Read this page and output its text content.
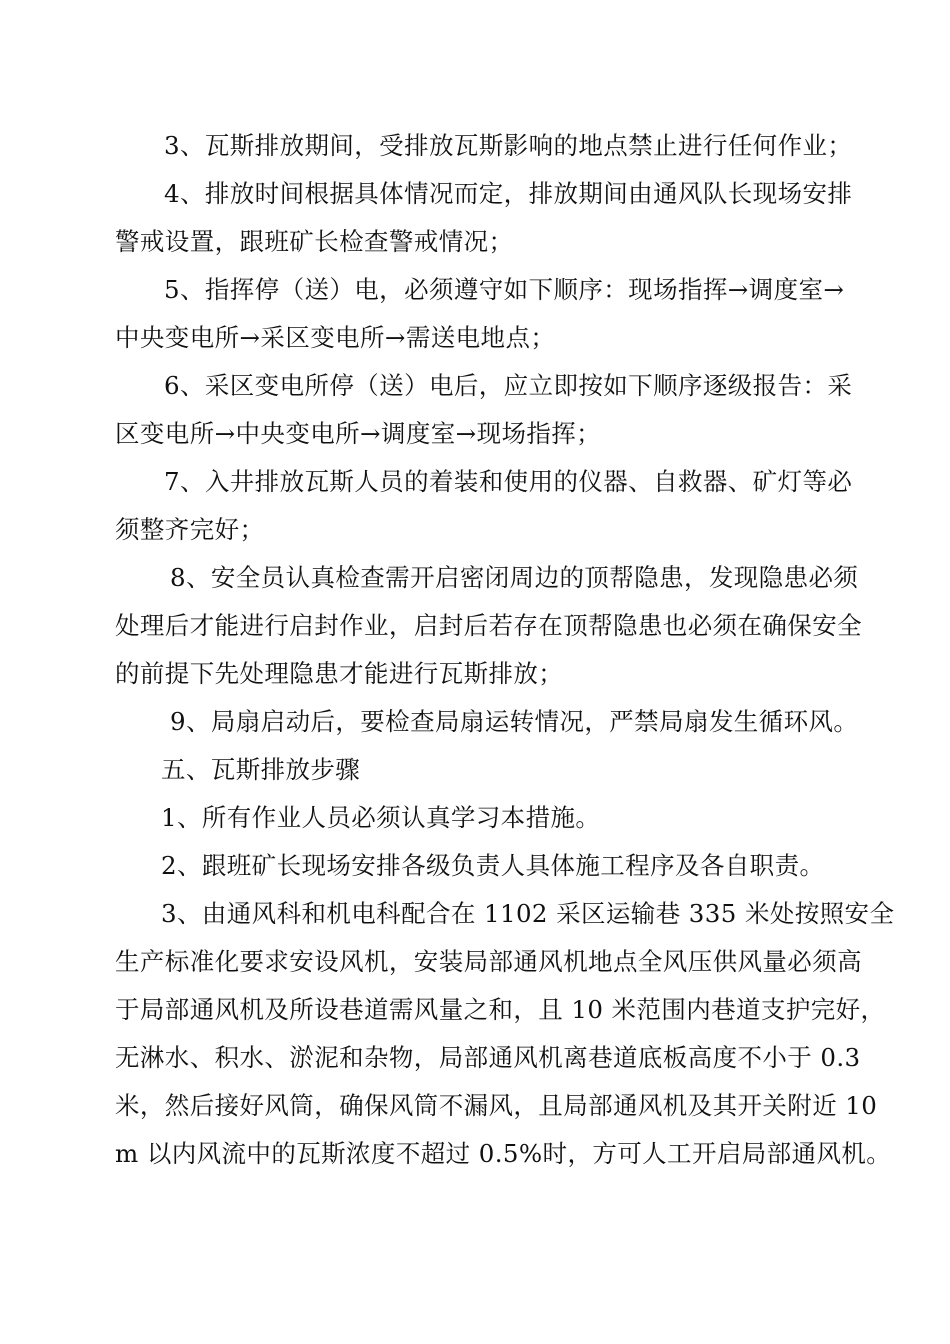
3、瓦斯排放期间，受排放瓦斯影响的地点禁止进行任何作业；
4、排放时间根据具体情况而定，排放期间由通风队长现场安排
警戒设置，跟班矿长检查警戒情况；
5、指挥停（送）电，必须遵守如下顺序：现场指挥→调度室→
中央变电所→采区变电所→需送电地点；
6、采区变电所停（送）电后，应立即按如下顺序逐级报告：采
区变电所→中央变电所→调度室→现场指挥；
7、入井排放瓦斯人员的着装和使用的仪器、自救器、矿灯等必
须整齐完好；
8、安全员认真检查需开启密闭周边的顶帮隐患，发现隐患必须
处理后才能进行启封作业，启封后若存在顶帮隐患也必须在确保安全
的前提下先处理隐患才能进行瓦斯排放；
9、局扇启动后，要检查局扇运转情况，严禁局扇发生循环风。
五、瓦斯排放步骤
1、所有作业人员必须认真学习本措施。
2、跟班矿长现场安排各级负责人具体施工程序及各自职责。
3、由通风科和机电科配合在 1102 采区运输巷 335 米处按照安全
生产标准化要求安设风机，安装局部通风机地点全风压供风量必须高
于局部通风机及所设巷道需风量之和，且 10 米范围内巷道支护完好，
无淋水、积水、淤泥和杂物，局部通风机离巷道底板高度不小于 0.3
米，然后接好风筒，确保风筒不漏风，且局部通风机及其开关附近 10
m 以内风流中的瓦斯浓度不超过 0.5%时，方可人工开启局部通风机。
